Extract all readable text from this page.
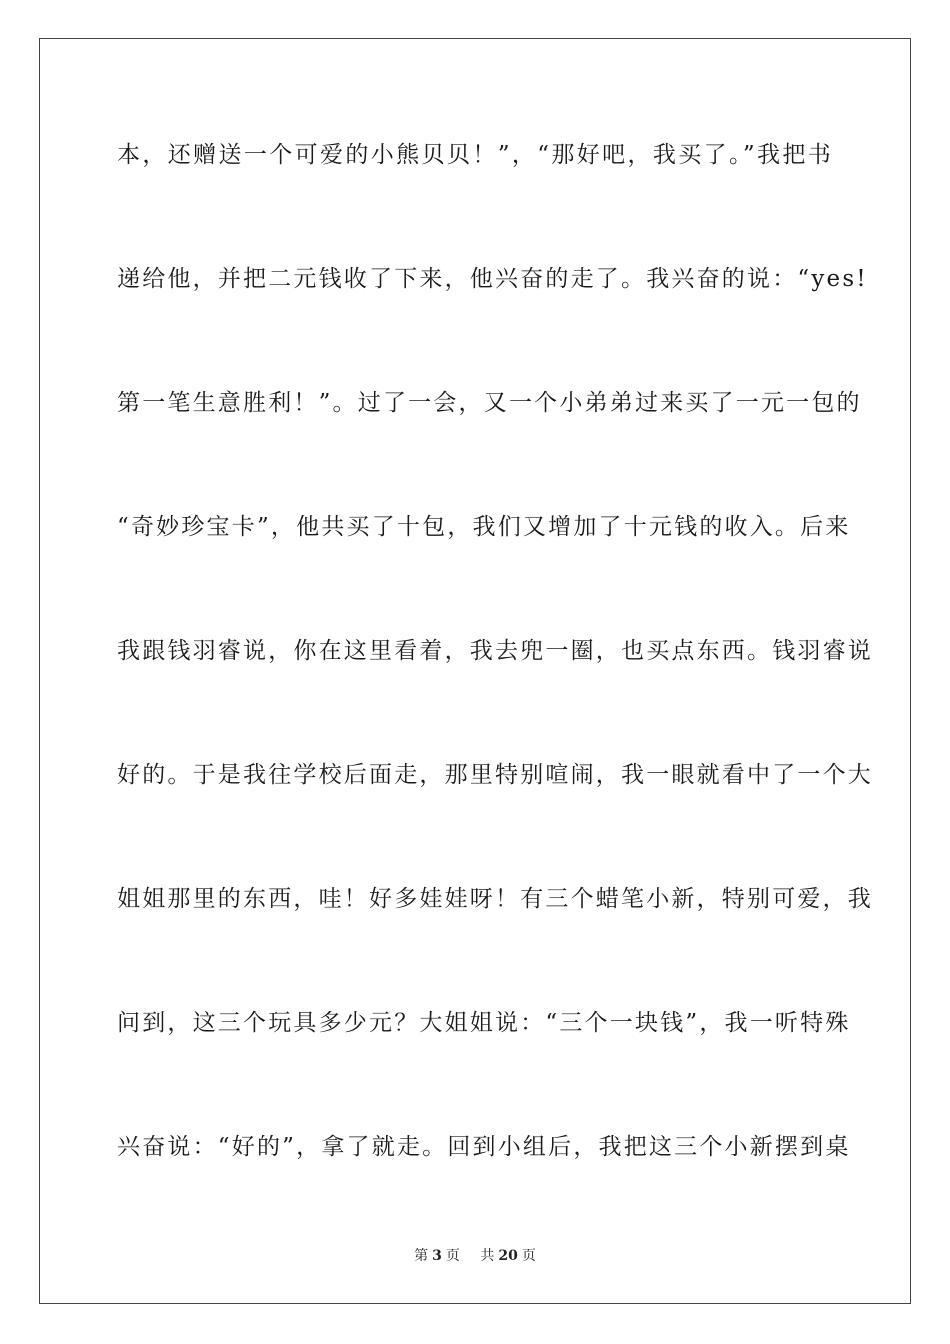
本，还赠送一个可爱的小熊贝贝！”，“那好吧，我买了。”我把书
递给他，并把二元钱收了下来，他兴奋的走了。我兴奋的说：“yes!
第一笔生意胜利！”。过了一会，又一个小弟弟过来买了一元一包的
“奇妙珍宝卡”，他共买了十包，我们又增加了十元钱的收入。后来
我跟钱羽睿说，你在这里看着，我去兜一圈，也买点东西。钱羽睿说
好的。于是我往学校后面走，那里特别喧闹，我一眼就看中了一个大
姐姐那里的东西，哇！好多娃娃呀！有三个蜡笔小新，特别可爱，我
问到，这三个玩具多少元？大姐姐说：“三个一块钱”，我一听特殊
兴奋说：“好的”，拿了就走。回到小组后，我把这三个小新摆到桌
第 3 页 共 20 页
